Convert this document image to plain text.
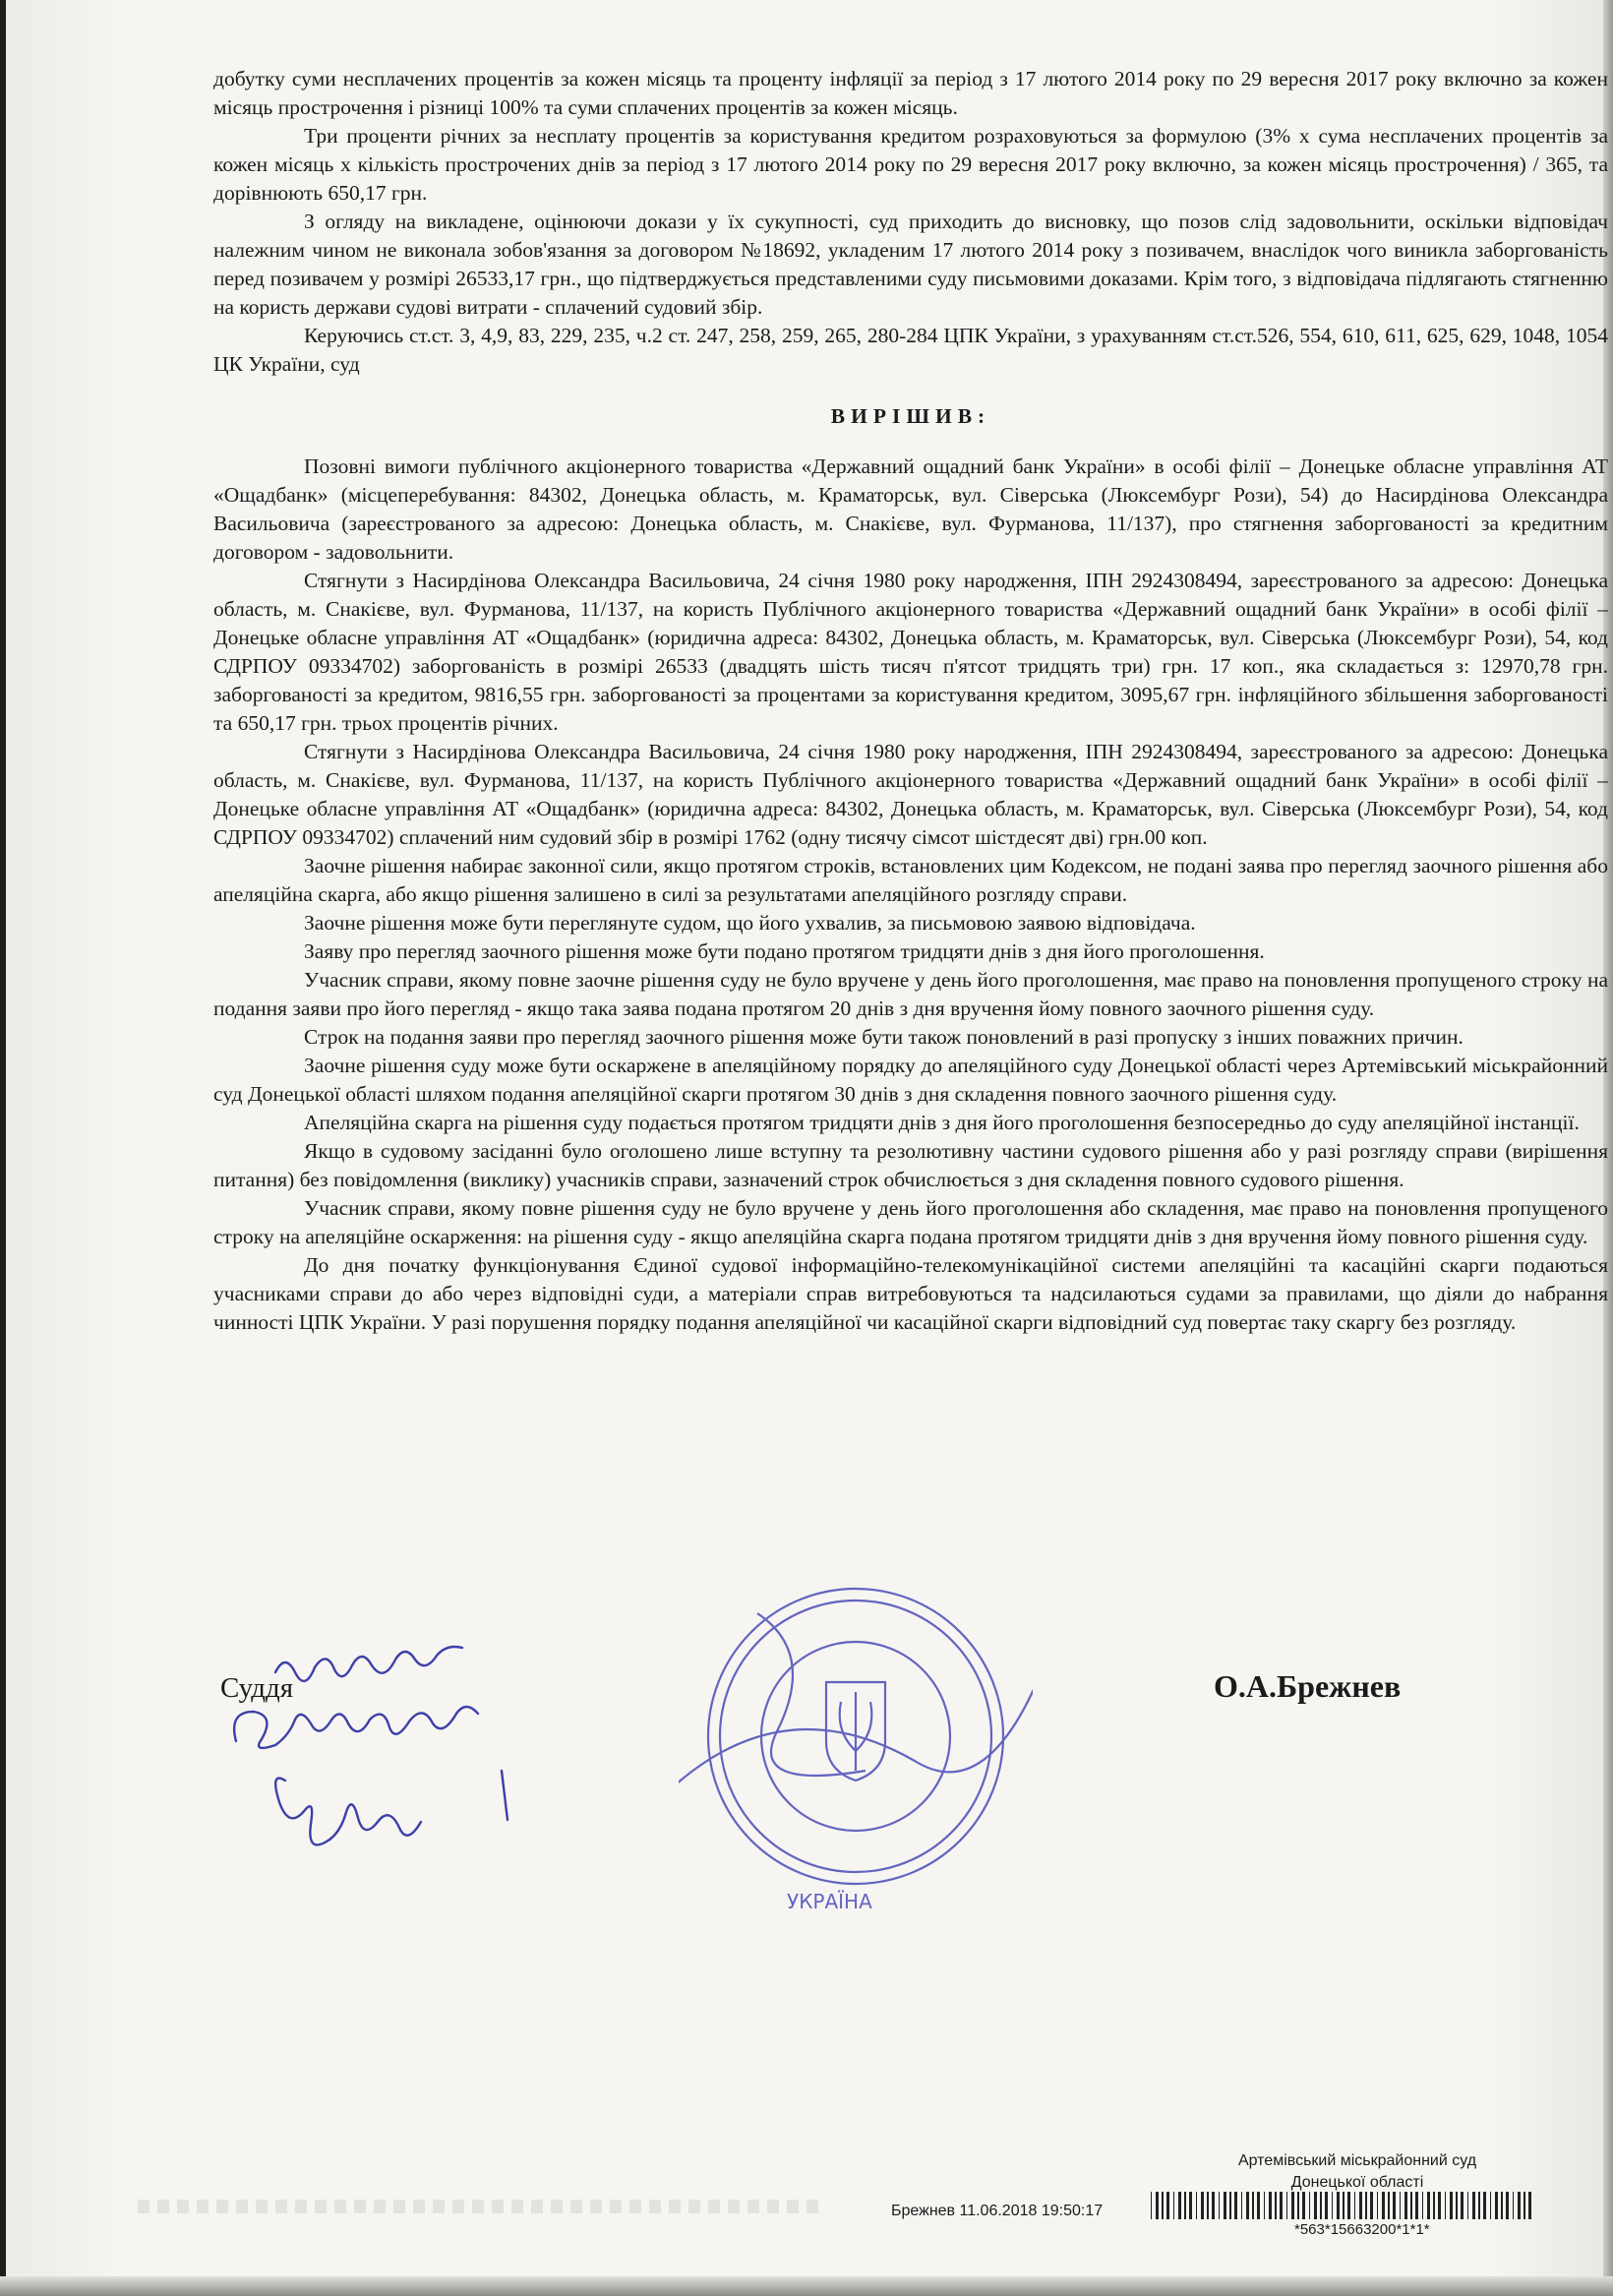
добутку суми несплачених процентів за кожен місяць та проценту інфляції за період з 17 лютого 2014 року по 29 вересня 2017 року включно за кожен місяць прострочення і різниці 100% та суми сплачених процентів за кожен місяць.

Три проценти річних за несплату процентів за користування кредитом розраховуються за формулою (3% х сума несплачених процентів за кожен місяць х кількість прострочених днів за період з 17 лютого 2014 року по 29 вересня 2017 року включно, за кожен місяць прострочення) / 365, та дорівнюють 650,17 грн.

З огляду на викладене, оцінюючи докази у їх сукупності, суд приходить до висновку, що позов слід задовольнити, оскільки відповідач належним чином не виконала зобов'язання за договором №18692, укладеним 17 лютого 2014 року з позивачем, внаслідок чого виникла заборгованість перед позивачем у розмірі 26533,17 грн., що підтверджується представленими суду письмовими доказами. Крім того, з відповідача підлягають стягненню на користь держави судові витрати - сплачений судовий збір.

Керуючись ст.ст. 3, 4,9, 83, 229, 235, ч.2 ст. 247, 258, 259, 265, 280-284 ЦПК України, з урахуванням ст.ст.526, 554, 610, 611, 625, 629, 1048, 1054 ЦК України, суд

ВИРІШИВ:

Позовні вимоги публічного акціонерного товариства «Державний ощадний банк України» в особі філії – Донецьке обласне управління АТ «Ощадбанк» (місцеперебування: 84302, Донецька область, м. Краматорськ, вул. Сіверська (Люксембург Рози), 54) до Насирдінова Олександра Васильовича (зареєстрованого за адресою: Донецька область, м. Снакієве, вул. Фурманова, 11/137), про стягнення заборгованості за кредитним договором - задовольнити.

Стягнути з Насирдінова Олександра Васильовича, 24 січня 1980 року народження, ІПН 2924308494, зареєстрованого за адресою: Донецька область, м. Снакієве, вул. Фурманова, 11/137, на користь Публічного акціонерного товариства «Державний ощадний банк України» в особі філії – Донецьке обласне управління АТ «Ощадбанк» (юридична адреса: 84302, Донецька область, м. Краматорськ, вул. Сіверська (Люксембург Рози), 54, код СДРПОУ 09334702) заборгованість в розмірі 26533 (двадцять шість тисяч п'ятсот тридцять три) грн. 17 коп., яка складається з: 12970,78 грн. заборгованості за кредитом, 9816,55 грн. заборгованості за процентами за користування кредитом, 3095,67 грн. інфляційного збільшення заборгованості та 650,17 грн. трьох процентів річних.

Стягнути з Насирдінова Олександра Васильовича, 24 січня 1980 року народження, ІПН 2924308494, зареєстрованого за адресою: Донецька область, м. Снакієве, вул. Фурманова, 11/137, на користь Публічного акціонерного товариства «Державний ощадний банк України» в особі філії – Донецьке обласне управління АТ «Ощадбанк» (юридична адреса: 84302, Донецька область, м. Краматорськ, вул. Сіверська (Люксембург Рози), 54, код СДРПОУ 09334702) сплачений ним судовий збір в розмірі 1762 (одну тисячу сімсот шістдесят дві) грн.00 коп.

Заочне рішення набирає законної сили, якщо протягом строків, встановлених цим Кодексом, не подані заява про перегляд заочного рішення або апеляційна скарга, або якщо рішення залишено в силі за результатами апеляційного розгляду справи.

Заочне рішення може бути переглянуте судом, що його ухвалив, за письмовою заявою відповідача.

Заяву про перегляд заочного рішення може бути подано протягом тридцяти днів з дня його проголошення.

Учасник справи, якому повне заочне рішення суду не було вручене у день його проголошення, має право на поновлення пропущеного строку на подання заяви про його перегляд - якщо така заява подана протягом 20 днів з дня вручення йому повного заочного рішення суду.

Строк на подання заяви про перегляд заочного рішення може бути також поновлений в разі пропуску з інших поважних причин.

Заочне рішення суду може бути оскаржене в апеляційному порядку до апеляційного суду Донецької області через Артемівський міськрайонний суд Донецької області шляхом подання апеляційної скарги протягом 30 днів з дня складення повного заочного рішення суду.

Апеляційна скарга на рішення суду подається протягом тридцяти днів з дня його проголошення безпосередньо до суду апеляційної інстанції.

Якщо в судовому засіданні було оголошено лише вступну та резолютивну частини судового рішення або у разі розгляду справи (вирішення питання) без повідомлення (виклику) учасників справи, зазначений строк обчислюється з дня складення повного судового рішення.

Учасник справи, якому повне рішення суду не було вручене у день його проголошення або складення, має право на поновлення пропущеного строку на апеляційне оскарження: на рішення суду - якщо апеляційна скарга подана протягом тридцяти днів з дня вручення йому повного рішення суду.

До дня початку функціонування Єдиної судової інформаційно-телекомунікаційної системи апеляційні та касаційні скарги подаються учасниками справи до або через відповідні суди, а матеріали справ витребовуються та надсилаються судами за правилами, що діяли до набрання чинності ЦПК України. У разі порушення порядку подання апеляційної чи касаційної скарги відповідний суд повертає таку скаргу без розгляду.

УКРАЇНА
Суддя	О.А.Брежнев
Артемівський міськрайонний суд
Донецької області
Брежнев 11.06.2018 19:50:17
*563*15663200*1*1*
